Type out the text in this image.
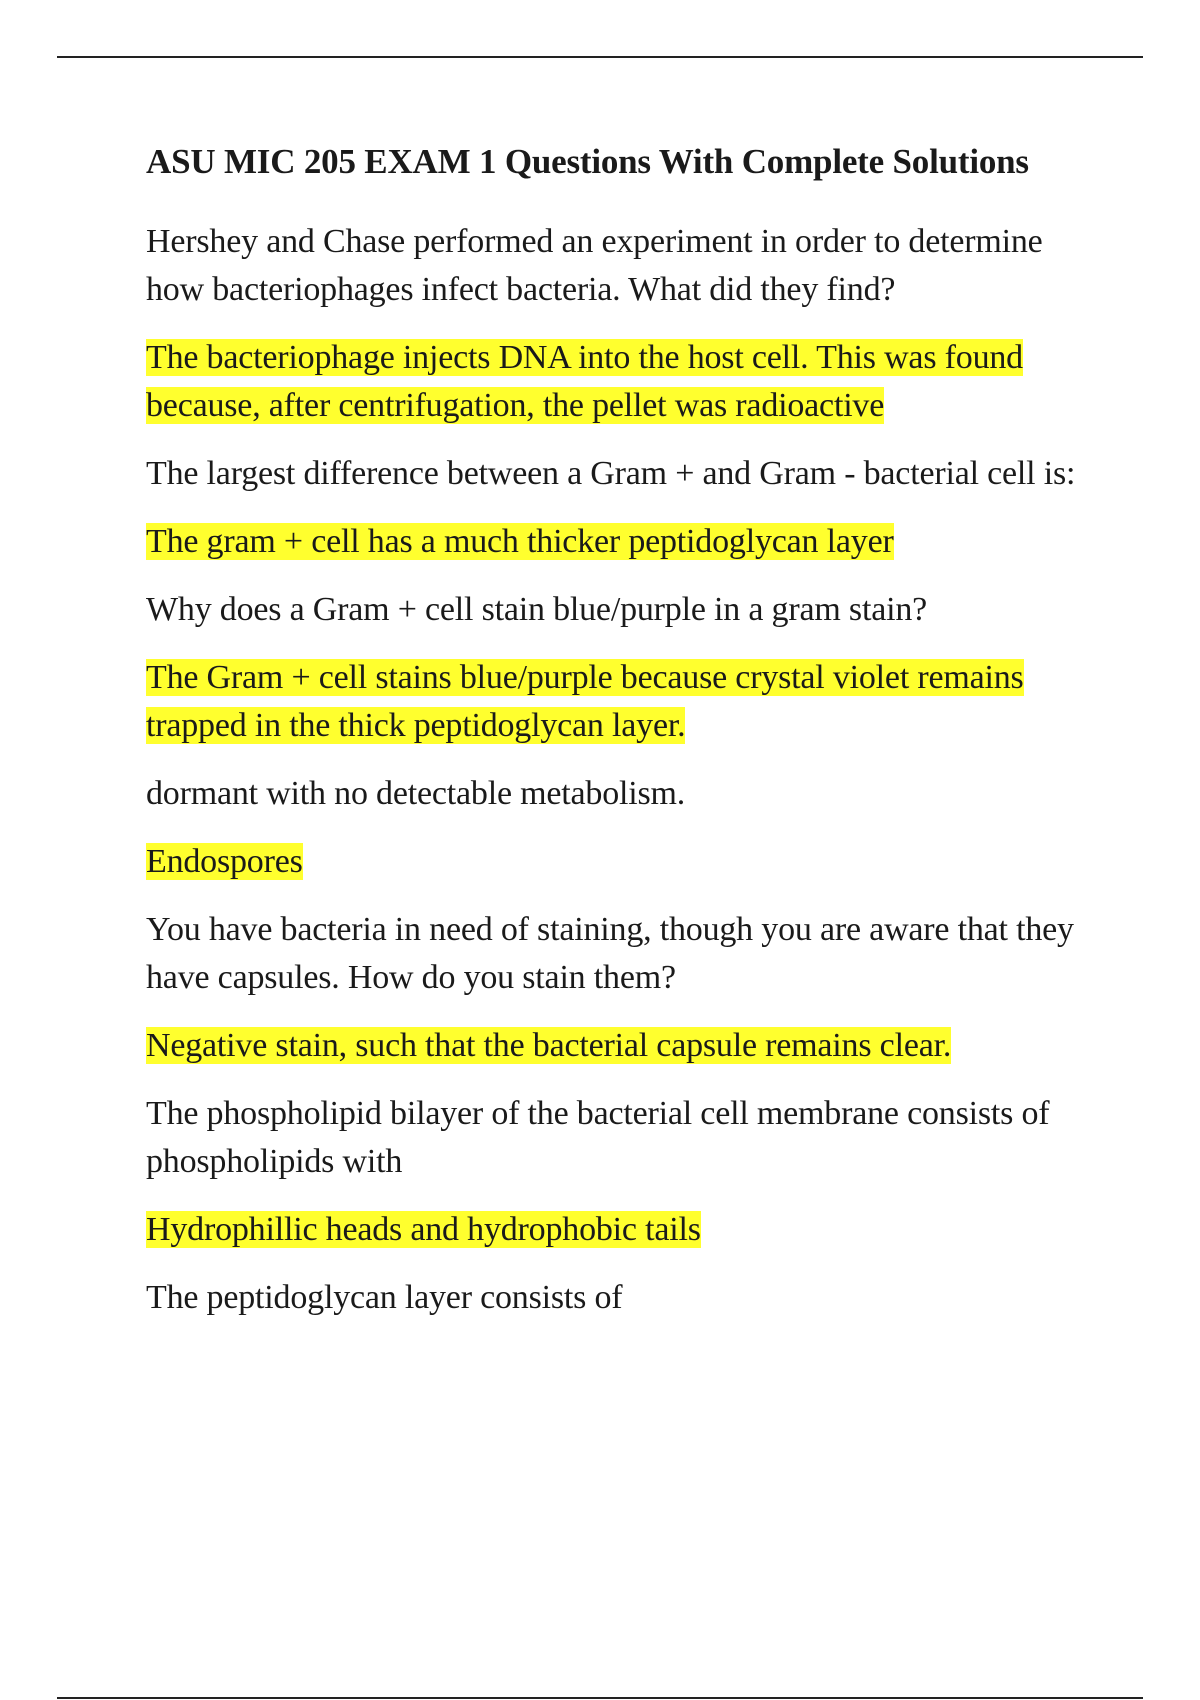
ASU MIC 205 EXAM 1 Questions With Complete Solutions

Hershey and Chase performed an experiment in order to determine how bacteriophages infect bacteria. What did they find?

The bacteriophage injects DNA into the host cell. This was found because, after centrifugation, the pellet was radioactive

The largest difference between a Gram + and Gram - bacterial cell is:

The gram + cell has a much thicker peptidoglycan layer

Why does a Gram + cell stain blue/purple in a gram stain?

The Gram + cell stains blue/purple because crystal violet remains trapped in the thick peptidoglycan layer.

dormant with no detectable metabolism.

Endospores

You have bacteria in need of staining, though you are aware that they have capsules. How do you stain them?

Negative stain, such that the bacterial capsule remains clear.

The phospholipid bilayer of the bacterial cell membrane consists of phospholipids with

Hydrophillic heads and hydrophobic tails

The peptidoglycan layer consists of
